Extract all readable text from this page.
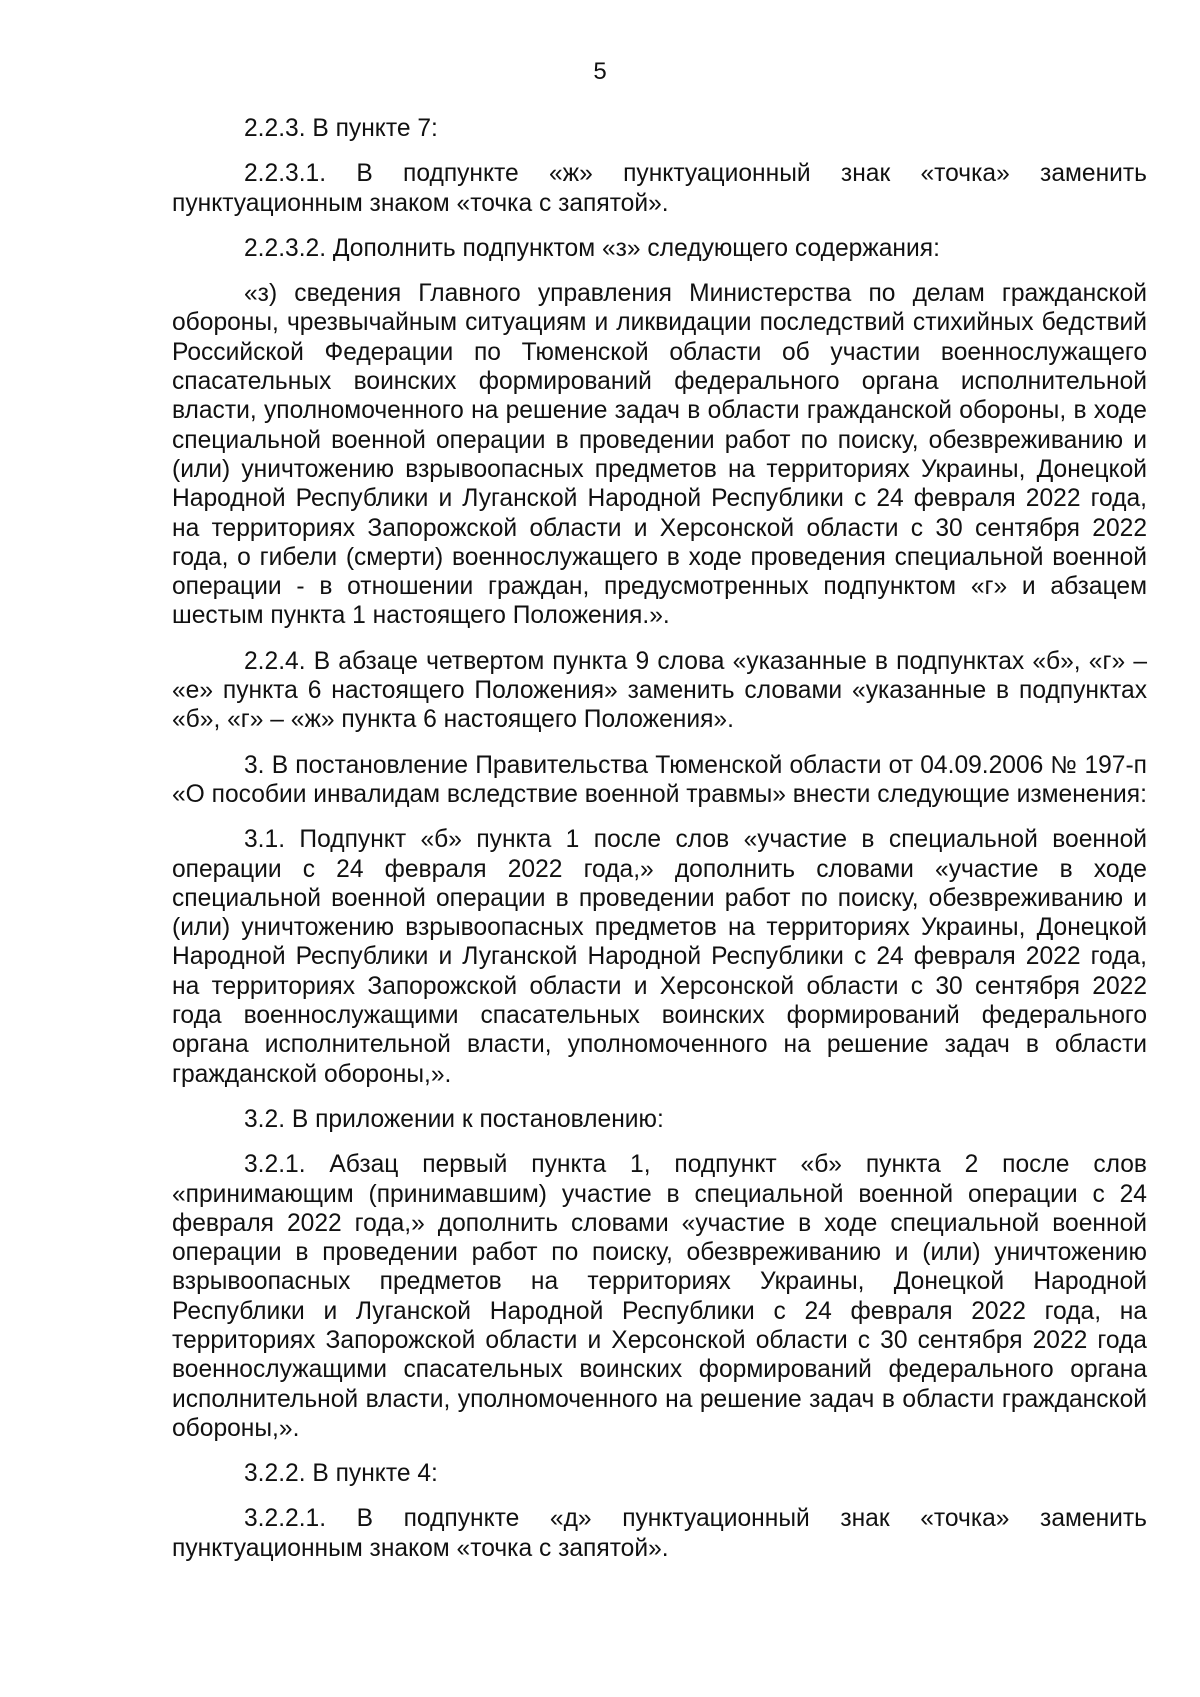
5

2.2.3. В пункте 7:

2.2.3.1. В подпункте «ж» пунктуационный знак «точка» заменить пунктуационным знаком «точка с запятой».

2.2.3.2. Дополнить подпунктом «з» следующего содержания:

«з) сведения Главного управления Министерства по делам гражданской обороны, чрезвычайным ситуациям и ликвидации последствий стихийных бедствий Российской Федерации по Тюменской области об участии военнослужащего спасательных воинских формирований федерального органа исполнительной власти, уполномоченного на решение задач в области гражданской обороны, в ходе специальной военной операции в проведении работ по поиску, обезвреживанию и (или) уничтожению взрывоопасных предметов на территориях Украины, Донецкой Народной Республики и Луганской Народной Республики с 24 февраля 2022 года, на территориях Запорожской области и Херсонской области с 30 сентября 2022 года, о гибели (смерти) военнослужащего в ходе проведения специальной военной операции - в отношении граждан, предусмотренных подпунктом «г» и абзацем шестым пункта 1 настоящего Положения.».

2.2.4. В абзаце четвертом пункта 9 слова «указанные в подпунктах «б», «г» – «е» пункта 6 настоящего Положения» заменить словами «указанные в подпунктах «б», «г» – «ж» пункта 6 настоящего Положения».

3. В постановление Правительства Тюменской области от 04.09.2006 № 197-п «О пособии инвалидам вследствие военной травмы» внести следующие изменения:

3.1. Подпункт «б» пункта 1 после слов «участие в специальной военной операции с 24 февраля 2022 года,» дополнить словами «участие в ходе специальной военной операции в проведении работ по поиску, обезвреживанию и (или) уничтожению взрывоопасных предметов на территориях Украины, Донецкой Народной Республики и Луганской Народной Республики с 24 февраля 2022 года, на территориях Запорожской области и Херсонской области с 30 сентября 2022 года военнослужащими спасательных воинских формирований федерального органа исполнительной власти, уполномоченного на решение задач в области гражданской обороны,».

3.2. В приложении к постановлению:

3.2.1. Абзац первый пункта 1, подпункт «б» пункта 2 после слов «принимающим (принимавшим) участие в специальной военной операции с 24 февраля 2022 года,» дополнить словами «участие в ходе специальной военной операции в проведении работ по поиску, обезвреживанию и (или) уничтожению взрывоопасных предметов на территориях Украины, Донецкой Народной Республики и Луганской Народной Республики с 24 февраля 2022 года, на территориях Запорожской области и Херсонской области с 30 сентября 2022 года военнослужащими спасательных воинских формирований федерального органа исполнительной власти, уполномоченного на решение задач в области гражданской обороны,».

3.2.2. В пункте 4:

3.2.2.1. В подпункте «д» пунктуационный знак «точка» заменить пунктуационным знаком «точка с запятой».
